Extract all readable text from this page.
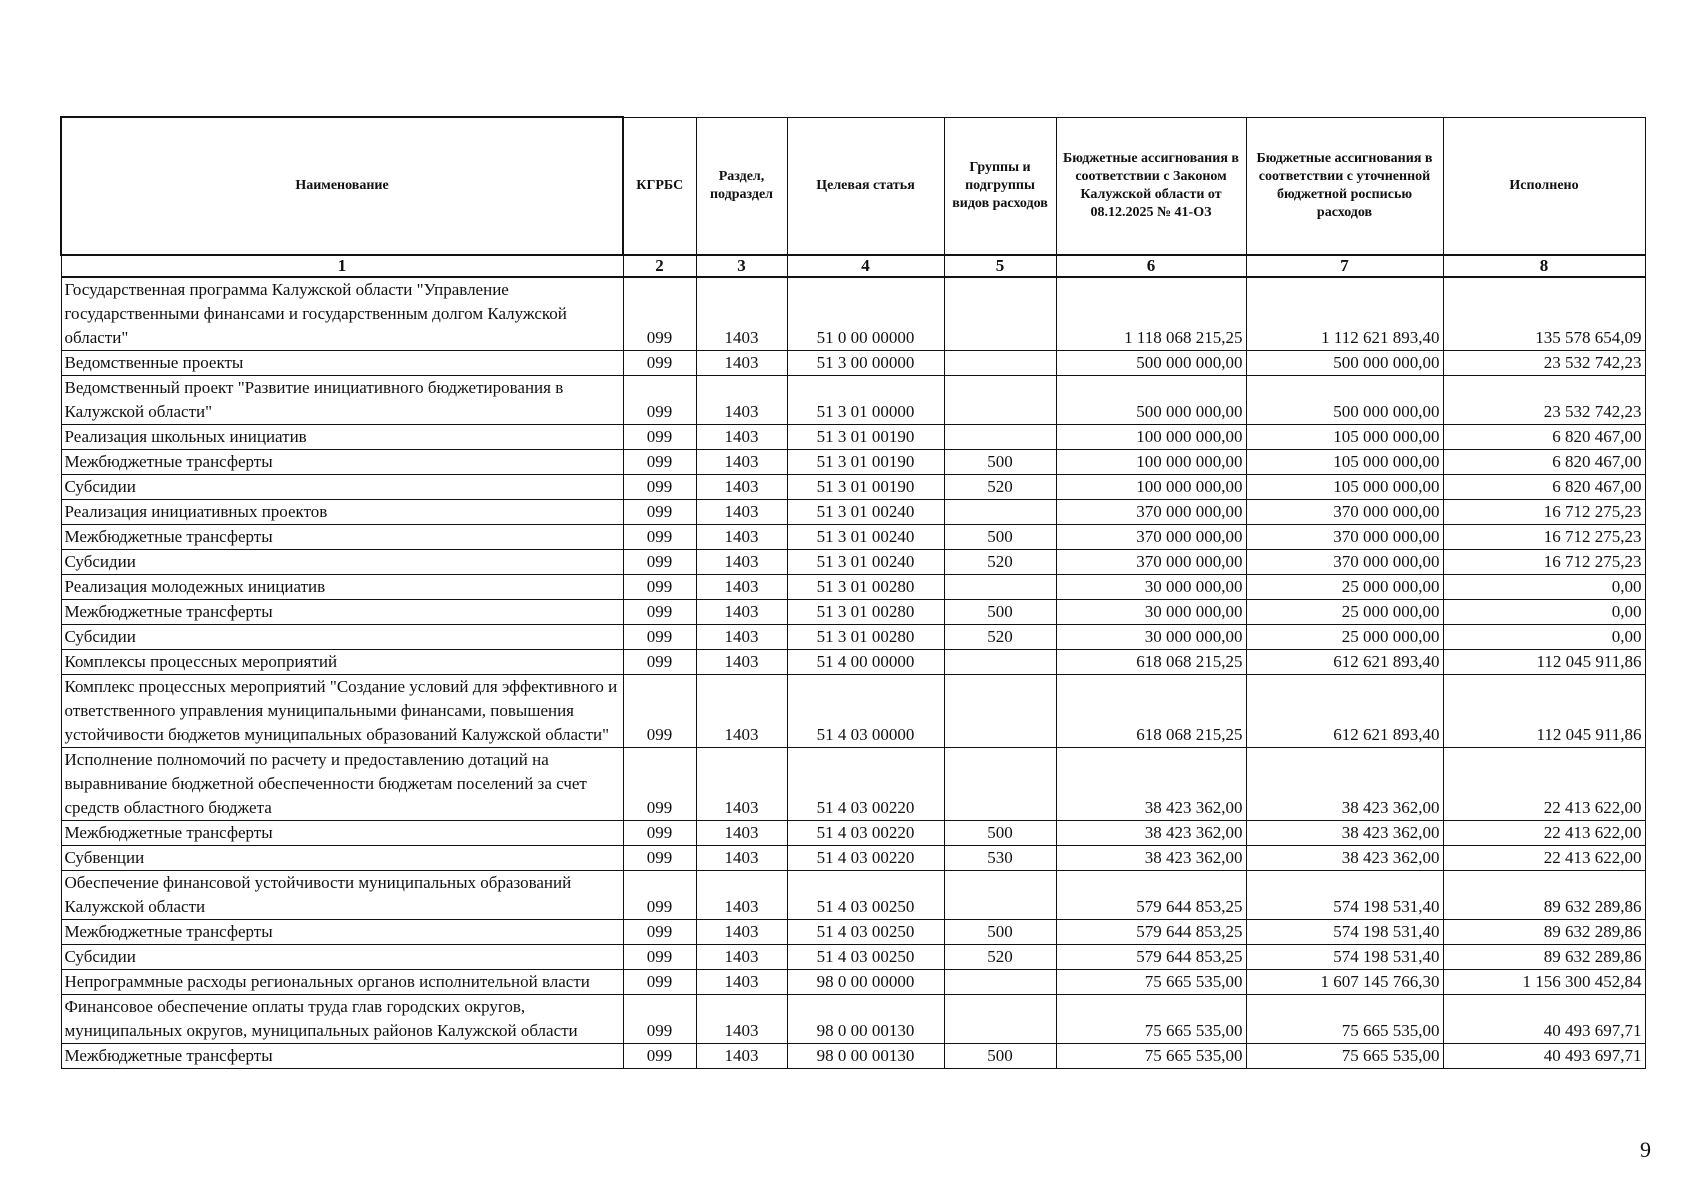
Наименование	КГРБС	Раздел, подраздел	Целевая статья	Группы и подгруппы видов расходов	Бюджетные ассигнования в соответствии с Законом Калужской области от 08.12.2025 № 41-ОЗ	Бюджетные ассигнования в соответствии с уточненной бюджетной росписью расходов	Исполнено
1	2	3	4	5	6	7	8
Государственная программа Калужской области "Управление государственными финансами и государственным долгом Калужской области"	099	1403	51 0 00 00000		1 118 068 215,25	1 112 621 893,40	135 578 654,09
Ведомственные проекты	099	1403	51 3 00 00000		500 000 000,00	500 000 000,00	23 532 742,23
Ведомственный проект "Развитие инициативного бюджетирования в Калужской области"	099	1403	51 3 01 00000		500 000 000,00	500 000 000,00	23 532 742,23
Реализация школьных инициатив	099	1403	51 3 01 00190		100 000 000,00	105 000 000,00	6 820 467,00
Межбюджетные трансферты	099	1403	51 3 01 00190	500	100 000 000,00	105 000 000,00	6 820 467,00
Субсидии	099	1403	51 3 01 00190	520	100 000 000,00	105 000 000,00	6 820 467,00
Реализация инициативных проектов	099	1403	51 3 01 00240		370 000 000,00	370 000 000,00	16 712 275,23
Межбюджетные трансферты	099	1403	51 3 01 00240	500	370 000 000,00	370 000 000,00	16 712 275,23
Субсидии	099	1403	51 3 01 00240	520	370 000 000,00	370 000 000,00	16 712 275,23
Реализация молодежных инициатив	099	1403	51 3 01 00280		30 000 000,00	25 000 000,00	0,00
Межбюджетные трансферты	099	1403	51 3 01 00280	500	30 000 000,00	25 000 000,00	0,00
Субсидии	099	1403	51 3 01 00280	520	30 000 000,00	25 000 000,00	0,00
Комплексы процессных мероприятий	099	1403	51 4 00 00000		618 068 215,25	612 621 893,40	112 045 911,86
Комплекс процессных мероприятий "Создание условий для эффективного и ответственного управления муниципальными финансами, повышения устойчивости бюджетов муниципальных образований Калужской области"	099	1403	51 4 03 00000		618 068 215,25	612 621 893,40	112 045 911,86
Исполнение полномочий по расчету и предоставлению дотаций на выравнивание бюджетной обеспеченности бюджетам поселений за счет средств областного бюджета	099	1403	51 4 03 00220		38 423 362,00	38 423 362,00	22 413 622,00
Межбюджетные трансферты	099	1403	51 4 03 00220	500	38 423 362,00	38 423 362,00	22 413 622,00
Субвенции	099	1403	51 4 03 00220	530	38 423 362,00	38 423 362,00	22 413 622,00
Обеспечение финансовой устойчивости муниципальных образований Калужской области	099	1403	51 4 03 00250		579 644 853,25	574 198 531,40	89 632 289,86
Межбюджетные трансферты	099	1403	51 4 03 00250	500	579 644 853,25	574 198 531,40	89 632 289,86
Субсидии	099	1403	51 4 03 00250	520	579 644 853,25	574 198 531,40	89 632 289,86
Непрограммные расходы региональных органов исполнительной власти	099	1403	98 0 00 00000		75 665 535,00	1 607 145 766,30	1 156 300 452,84
Финансовое обеспечение оплаты труда глав городских округов, муниципальных округов, муниципальных районов Калужской области	099	1403	98 0 00 00130		75 665 535,00	75 665 535,00	40 493 697,71
Межбюджетные трансферты	099	1403	98 0 00 00130	500	75 665 535,00	75 665 535,00	40 493 697,71
9
